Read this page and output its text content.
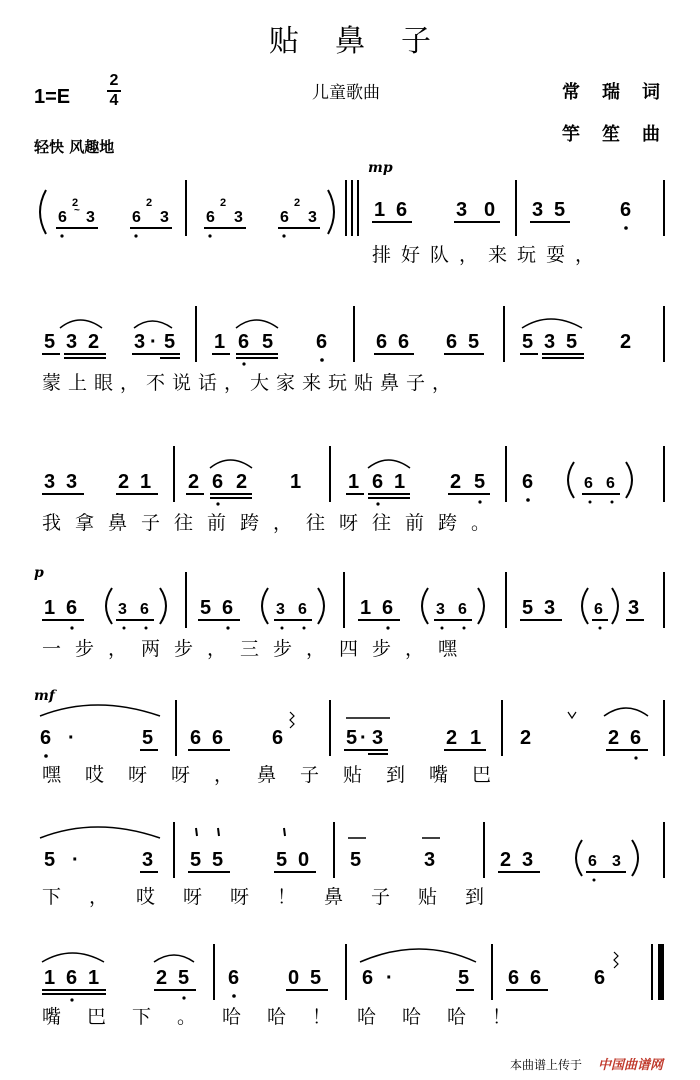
贴鼻子
1=E
2
4	儿童歌曲	常瑞词
竽笙曲
轻快 风趣地
mp
p
mf
6
2
~ 3 6
2
3 6
2
3 6
2
3	1 6 3 0 3 5	6
5 3 2 3 · 5 1 6 5 6 6 6 6 5 5 3 5 2
3 3 2 1 2 6 2 1 1 6 1 2 5 6	6 6
1 6	3 6	5 6	3 6	1 6	3 6	5 3 6 3
6 ·	5 6 6 6	5 · 3	2 1 2	2 6
5 ·	3 5 5	5 0 5	3	2 3	6 3
1 6 1	2 5 6 0 5 6 ·	5 6 6	6
排好队，来玩耍，
蒙上眼，不说话，大家来玩贴鼻子，
我拿鼻子往前跨，往呀往前跨。
一步，两步，三步，四步，嘿
嘿哎呀呀，鼻子贴到嘴巴
下，哎呀呀！鼻子贴到
嘴巴下。哈哈！哈哈哈！
本曲谱上传于 中国曲谱网
